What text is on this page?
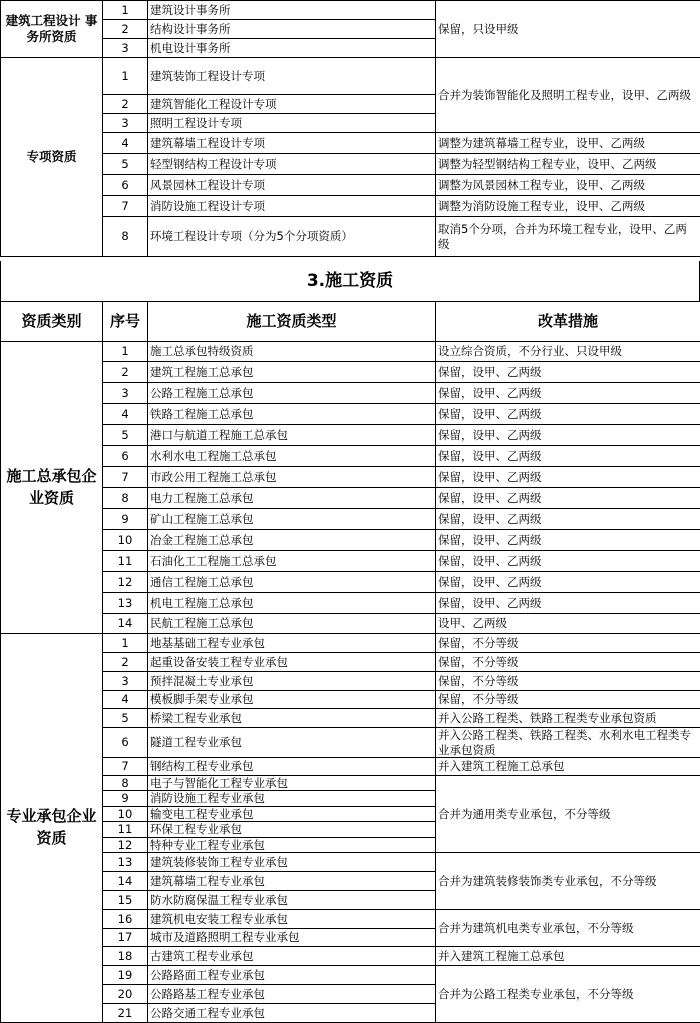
建筑工程设计 事务所资质	1	建筑设计事务所	保留，只设甲级
	2	结构设计事务所	
	3	机电设计事务所	
专项资质	1	建筑装饰工程设计专项	合并为装饰智能化及照明工程专业，设甲、乙两级
	2	建筑智能化工程设计专项	
	3	照明工程设计专项	
	4	建筑幕墙工程设计专项	调整为建筑幕墙工程专业，设甲、乙两级
	5	轻型钢结构工程设计专项	调整为轻型钢结构工程专业，设甲、乙两级
	6	风景园林工程设计专项	调整为风景园林工程专业，设甲、乙两级
	7	消防设施工程设计专项	调整为消防设施工程专业，设甲、乙两级
	8	环境工程设计专项（分为5个分项资质）	取消5个分项，合并为环境工程专业，设甲、乙两级
3.施工资质
资质类别	序号	施工资质类型	改革措施
施工总承包企业资质	1	施工总承包特级资质	设立综合资质，不分行业、只设甲级
	2	建筑工程施工总承包	保留，设甲、乙两级
	3	公路工程施工总承包	保留，设甲、乙两级
	4	铁路工程施工总承包	保留，设甲、乙两级
	5	港口与航道工程施工总承包	保留，设甲、乙两级
	6	水利水电工程施工总承包	保留，设甲、乙两级
	7	市政公用工程施工总承包	保留，设甲、乙两级
	8	电力工程施工总承包	保留，设甲、乙两级
	9	矿山工程施工总承包	保留，设甲、乙两级
	10	冶金工程施工总承包	保留，设甲、乙两级
	11	石油化工工程施工总承包	保留，设甲、乙两级
	12	通信工程施工总承包	保留，设甲、乙两级
	13	机电工程施工总承包	保留，设甲、乙两级
	14	民航工程施工总承包	设甲、乙两级
专业承包企业资质	1	地基基础工程专业承包	保留，不分等级
	2	起重设备安装工程专业承包	保留，不分等级
	3	预拌混凝土专业承包	保留，不分等级
	4	模板脚手架专业承包	保留，不分等级
	5	桥梁工程专业承包	并入公路工程类、铁路工程类专业承包资质
	6	隧道工程专业承包	并入公路工程类、铁路工程类、水利水电工程类专业承包资质
	7	钢结构工程专业承包	并入建筑工程施工总承包
	8	电子与智能化工程专业承包	合并为通用类专业承包，不分等级
	9	消防设施工程专业承包	
	10	输变电工程专业承包	
	11	环保工程专业承包	
	12	特种专业工程专业承包	
	13	建筑装修装饰工程专业承包	合并为建筑装修装饰类专业承包，不分等级
	14	建筑幕墙工程专业承包	
	15	防水防腐保温工程专业承包	
	16	建筑机电安装工程专业承包	合并为建筑机电类专业承包，不分等级
	17	城市及道路照明工程专业承包	
	18	古建筑工程专业承包	并入建筑工程施工总承包
	19	公路路面工程专业承包	合并为公路工程类专业承包，不分等级
	20	公路路基工程专业承包	
	21	公路交通工程专业承包	
